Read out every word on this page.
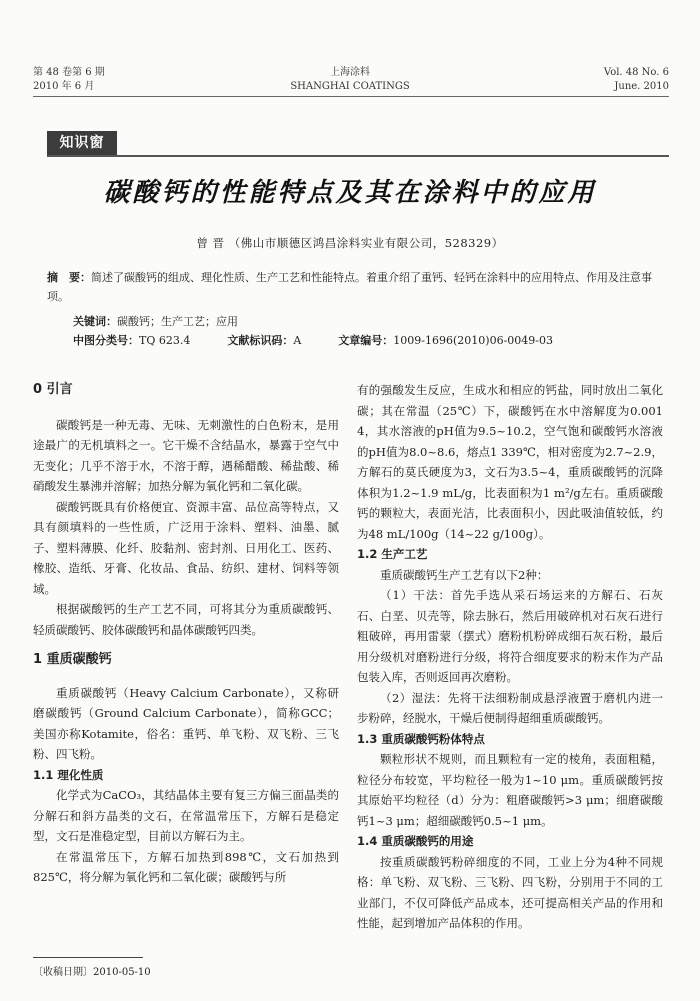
第 48 卷第 6 期
2010 年 6 月
上海涂料
SHANGHAI COATINGS
Vol. 48 No. 6
June. 2010
知识窗
碳酸钙的性能特点及其在涂料中的应用
曾 晋 （佛山市顺德区鸿昌涂料实业有限公司，528329）
摘　要：简述了碳酸钙的组成、理化性质、生产工艺和性能特点。着重介绍了重钙、轻钙在涂料中的应用特点、作用及注意事项。
关键词：碳酸钙；生产工艺；应用
中图分类号：TQ 623.4	文献标识码：A	文章编号：1009-1696(2010)06-0049-03
0 引言

碳酸钙是一种无毒、无味、无刺激性的白色粉末，是用途最广的无机填料之一。它干燥不含结晶水，暴露于空气中无变化；几乎不溶于水，不溶于醇，遇稀醋酸、稀盐酸、稀硝酸发生暴沸并溶解；加热分解为氧化钙和二氧化碳。

碳酸钙既具有价格便宜、资源丰富、品位高等特点，又具有颜填料的一些性质，广泛用于涂料、塑料、油墨、腻子、塑料薄膜、化纤、胶黏剂、密封剂、日用化工、医药、橡胶、造纸、牙膏、化妆品、食品、纺织、建材、饲料等领域。

根据碳酸钙的生产工艺不同，可将其分为重质碳酸钙、轻质碳酸钙、胶体碳酸钙和晶体碳酸钙四类。

1 重质碳酸钙

重质碳酸钙（Heavy Calcium Carbonate），又称研磨碳酸钙（Ground Calcium Carbonate），简称GCC；美国亦称Kotamite，俗名：重钙、单飞粉、双飞粉、三飞粉、四飞粉。

1.1 理化性质

化学式为CaCO₃，其结晶体主要有复三方偏三面晶类的分解石和斜方晶类的文石，在常温常压下，方解石是稳定型，文石是准稳定型，目前以方解石为主。

在常温常压下，方解石加热到898℃，文石加热到825℃，将分解为氧化钙和二氧化碳；碳酸钙与所

有的强酸发生反应，生成水和相应的钙盐，同时放出二氧化碳；其在常温（25℃）下，碳酸钙在水中溶解度为0.001 4，其水溶液的pH值为9.5~10.2，空气饱和碳酸钙水溶液的pH值为8.0~8.6，熔点1 339℃，相对密度为2.7~2.9，方解石的莫氏硬度为3，文石为3.5~4，重质碳酸钙的沉降体积为1.2~1.9 mL/g，比表面积为1 m²/g左右。重质碳酸钙的颗粒大，表面光洁，比表面积小，因此吸油值较低，约为48 mL/100g（14~22 g/100g）。

1.2 生产工艺

重质碳酸钙生产工艺有以下2种：

（1）干法：首先手选从采石场运来的方解石、石灰石、白垩、贝壳等，除去脉石，然后用破碎机对石灰石进行粗破碎，再用雷蒙（摆式）磨粉机粉碎成细石灰石粉，最后用分级机对磨粉进行分级，将符合细度要求的粉末作为产品包装入库，否则返回再次磨粉。

（2）湿法：先将干法细粉制成悬浮液置于磨机内进一步粉碎，经脱水，干燥后便制得超细重质碳酸钙。

1.3 重质碳酸钙粉体特点

颗粒形状不规则，而且颗粒有一定的棱角，表面粗糙，粒径分布较宽，平均粒径一般为1~10 μm。重质碳酸钙按其原始平均粒径（d）分为：粗磨碳酸钙>3 μm；细磨碳酸钙1~3 μm；超细碳酸钙0.5~1 μm。

1.4 重质碳酸钙的用途

按重质碳酸钙粉碎细度的不同，工业上分为4种不同规格：单飞粉、双飞粉、三飞粉、四飞粉，分别用于不同的工业部门，不仅可降低产品成本，还可提高相关产品的作用和性能，起到增加产品体积的作用。

〔收稿日期〕2010-05-10
